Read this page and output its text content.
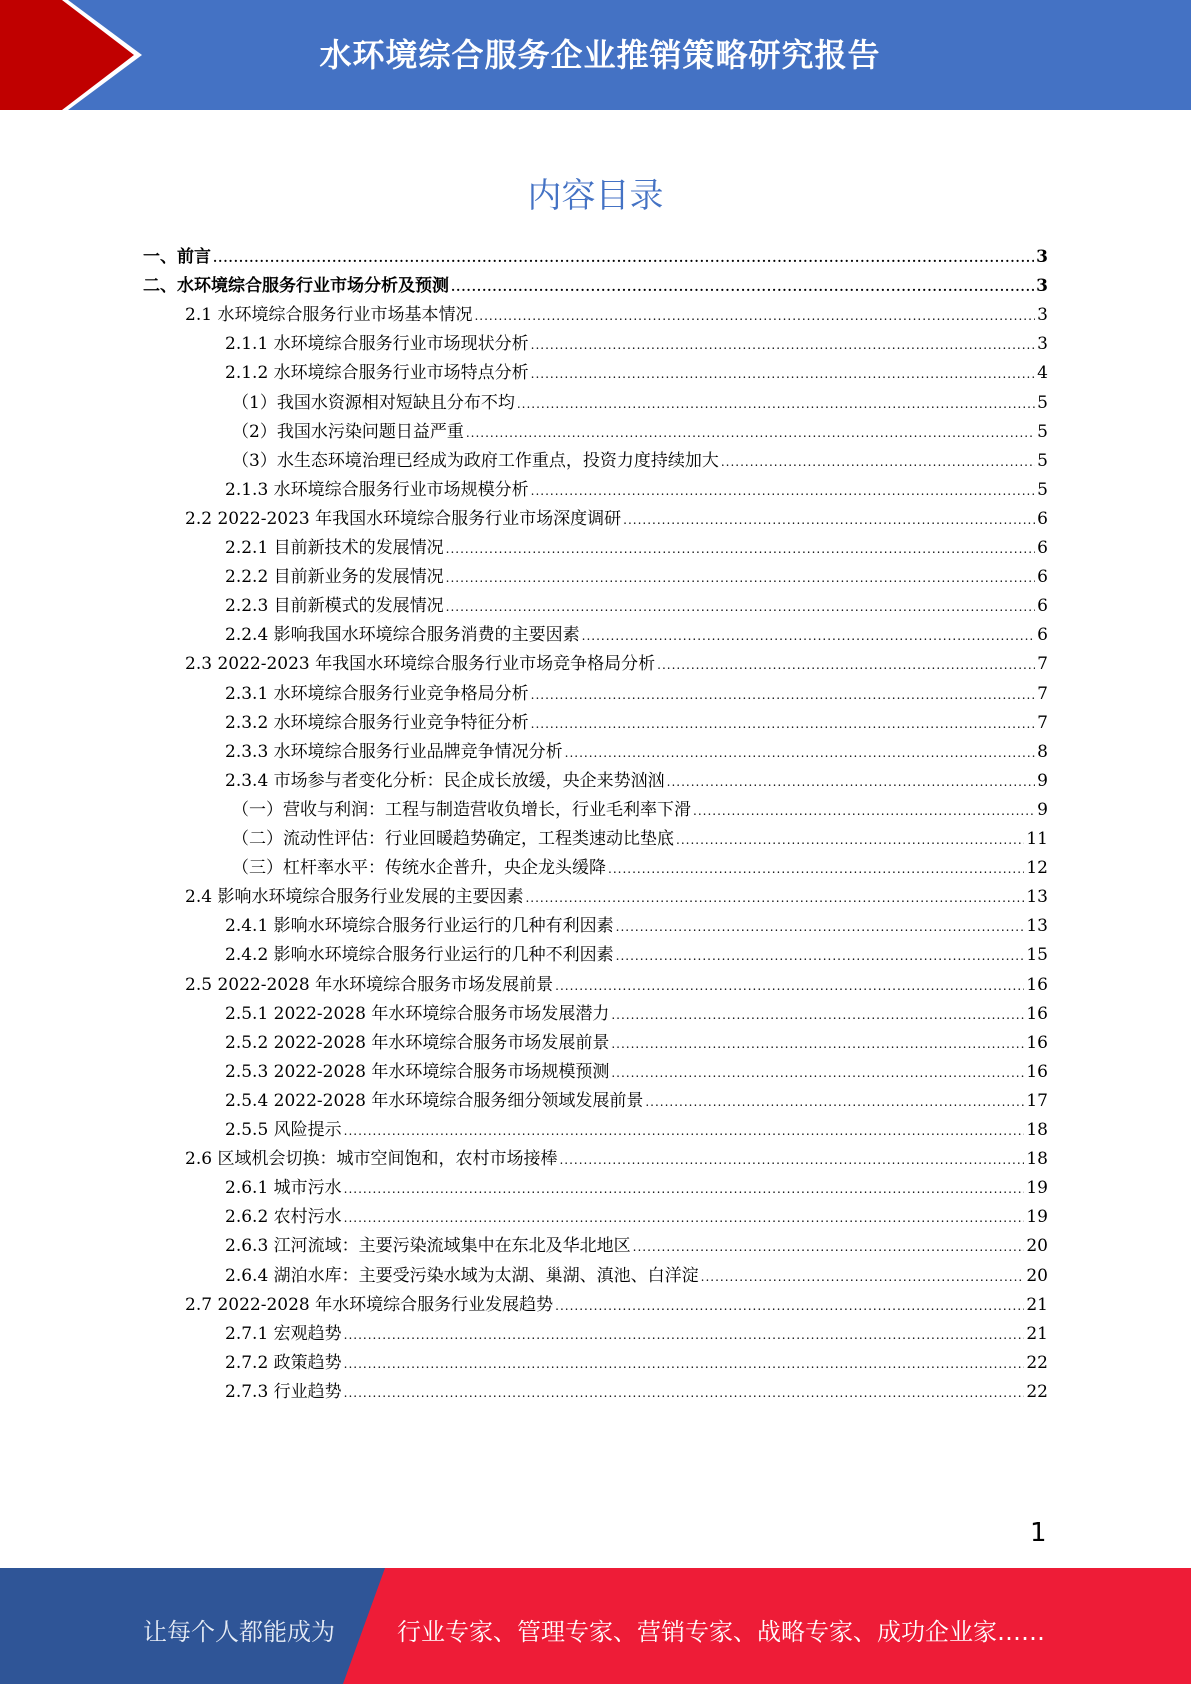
水环境综合服务企业推销策略研究报告
内容目录
一、前言 .....	3
二、水环境综合服务行业市场分析及预测 .....	3
2.1 水环境综合服务行业市场基本情况 .....	3
2.1.1 水环境综合服务行业市场现状分析 .....	3
2.1.2 水环境综合服务行业市场特点分析 .....	4
（1）我国水资源相对短缺且分布不均 .....	5
（2）我国水污染问题日益严重 .....	5
（3）水生态环境治理已经成为政府工作重点，投资力度持续加大 .....	5
2.1.3 水环境综合服务行业市场规模分析 .....	5
2.2 2022-2023 年我国水环境综合服务行业市场深度调研 .....	6
2.2.1 目前新技术的发展情况 .....	6
2.2.2 目前新业务的发展情况 .....	6
2.2.3 目前新模式的发展情况 .....	6
2.2.4 影响我国水环境综合服务消费的主要因素 .....	6
2.3 2022-2023 年我国水环境综合服务行业市场竞争格局分析 .....	7
2.3.1 水环境综合服务行业竞争格局分析 .....	7
2.3.2 水环境综合服务行业竞争特征分析 .....	7
2.3.3 水环境综合服务行业品牌竞争情况分析 .....	8
2.3.4 市场参与者变化分析：民企成长放缓，央企来势汹汹 .....	9
（一）营收与利润：工程与制造营收负增长，行业毛利率下滑 .....	9
（二）流动性评估：行业回暖趋势确定，工程类速动比垫底 .....	11
（三）杠杆率水平：传统水企普升，央企龙头缓降 .....	12
2.4 影响水环境综合服务行业发展的主要因素 .....	13
2.4.1 影响水环境综合服务行业运行的几种有利因素 .....	13
2.4.2 影响水环境综合服务行业运行的几种不利因素 .....	15
2.5 2022-2028 年水环境综合服务市场发展前景 .....	16
2.5.1 2022-2028 年水环境综合服务市场发展潜力 .....	16
2.5.2 2022-2028 年水环境综合服务市场发展前景 .....	16
2.5.3 2022-2028 年水环境综合服务市场规模预测 .....	16
2.5.4 2022-2028 年水环境综合服务细分领域发展前景 .....	17
2.5.5 风险提示 .....	18
2.6 区域机会切换：城市空间饱和，农村市场接棒 .....	18
2.6.1 城市污水 .....	19
2.6.2 农村污水 .....	19
2.6.3 江河流域：主要污染流域集中在东北及华北地区 .....	20
2.6.4 湖泊水库：主要受污染水域为太湖、巢湖、滇池、白洋淀 .....	20
2.7 2022-2028 年水环境综合服务行业发展趋势 .....	21
2.7.1 宏观趋势 .....	21
2.7.2 政策趋势 .....	22
2.7.3 行业趋势 .....	22
1
让每个人都能成为	行业专家、管理专家、营销专家、战略专家、成功企业家……
